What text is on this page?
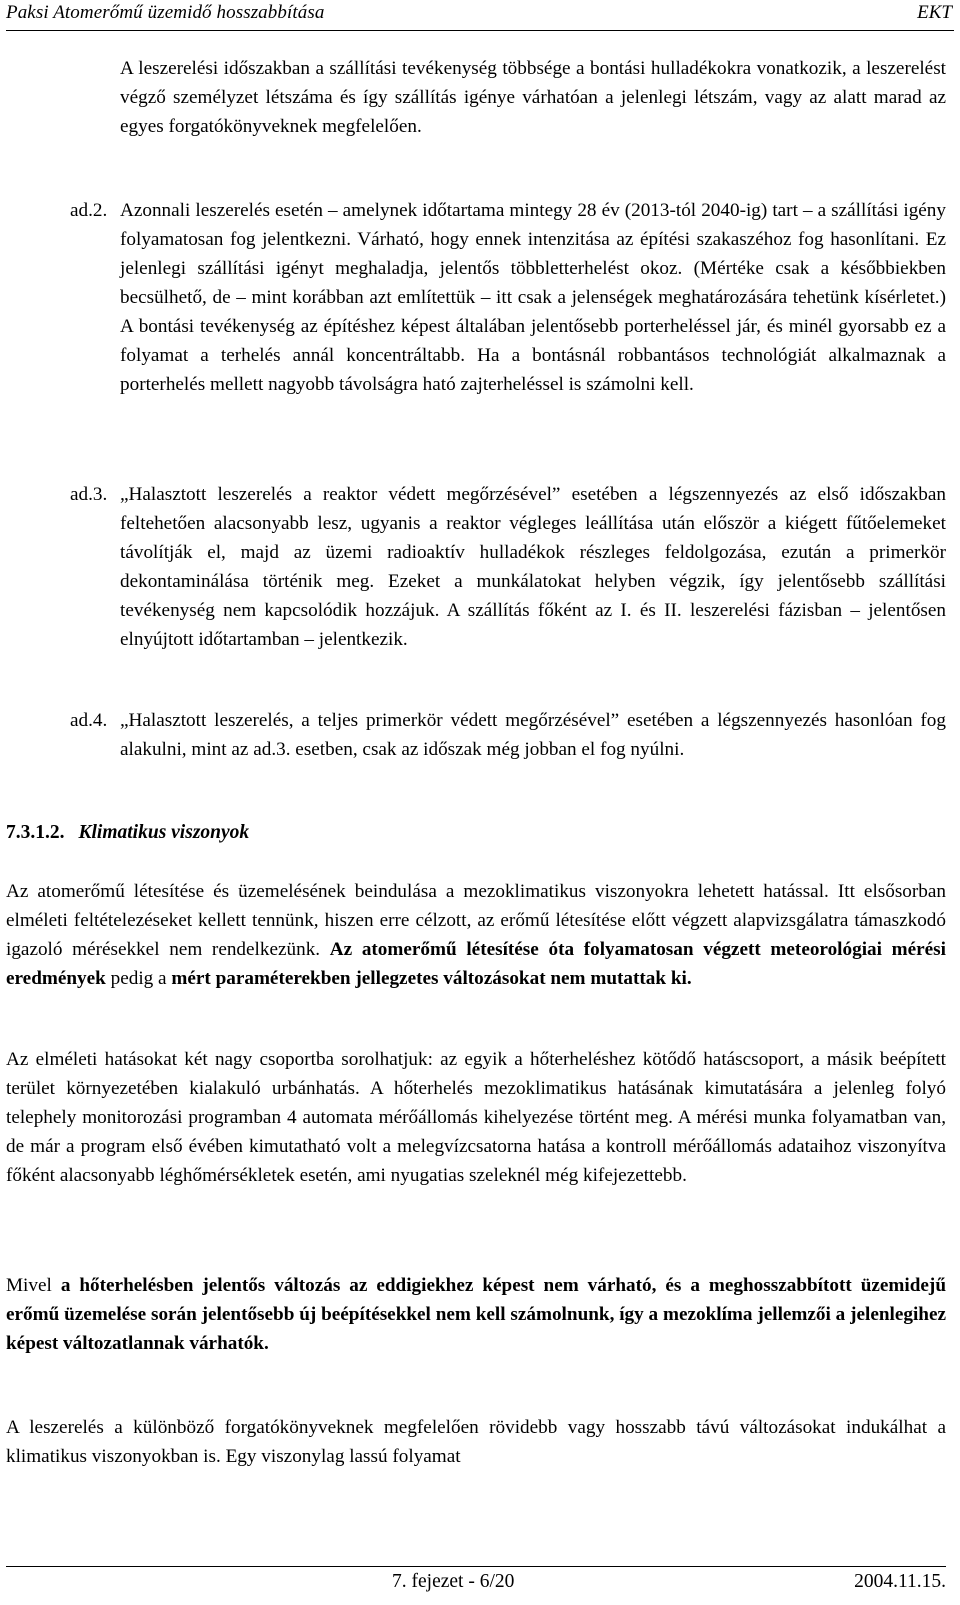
Paksi Atomerőmű üzemidő hosszabbítása	EKT

A leszerelési időszakban a szállítási tevékenység többsége a bontási hulladékokra vonatkozik, a leszerelést végző személyzet létszáma és így szállítás igénye várhatóan a jelenlegi létszám, vagy az alatt marad az egyes forgatókönyveknek megfelelően.

ad.2. Azonnali leszerelés esetén – amelynek időtartama mintegy 28 év (2013-tól 2040-ig) tart – a szállítási igény folyamatosan fog jelentkezni. Várható, hogy ennek intenzitása az építési szakaszéhoz fog hasonlítani. Ez jelenlegi szállítási igényt meghaladja, jelentős többletterhelést okoz. (Mértéke csak a későbbiekben becsülhető, de – mint korábban azt említettük – itt csak a jelenségek meghatározására tehetünk kísérletet.) A bontási tevékenység az építéshez képest általában jelentősebb porterheléssel jár, és minél gyorsabb ez a folyamat a terhelés annál koncentráltabb. Ha a bontásnál robbantásos technológiát alkalmaznak a porterhelés mellett nagyobb távolságra ható zajterheléssel is számolni kell.

ad.3. „Halasztott leszerelés a reaktor védett megőrzésével” esetében a légszennyezés az első időszakban feltehetően alacsonyabb lesz, ugyanis a reaktor végleges leállítása után először a kiégett fűtőelemeket távolítják el, majd az üzemi radioaktív hulladékok részleges feldolgozása, ezután a primerkör dekontaminálása történik meg. Ezeket a munkálatokat helyben végzik, így jelentősebb szállítási tevékenység nem kapcsolódik hozzájuk. A szállítás főként az I. és II. leszerelési fázisban – jelentősen elnyújtott időtartamban – jelentkezik.

ad.4. „Halasztott leszerelés, a teljes primerkör védett megőrzésével” esetében a légszennyezés hasonlóan fog alakulni, mint az ad.3. esetben, csak az időszak még jobban el fog nyúlni.

7.3.1.2. Klimatikus viszonyok

Az atomerőmű létesítése és üzemelésének beindulása a mezoklimatikus viszonyokra lehetett hatással. Itt elsősorban elméleti feltételezéseket kellett tennünk, hiszen erre célzott, az erőmű létesítése előtt végzett alapvizsgálatra támaszkodó igazoló mérésekkel nem rendelkezünk. Az atomerőmű létesítése óta folyamatosan végzett meteorológiai mérési eredmények pedig a mért paraméterekben jellegzetes változásokat nem mutattak ki.

Az elméleti hatásokat két nagy csoportba sorolhatjuk: az egyik a hőterheléshez kötődő hatáscsoport, a másik beépített terület környezetében kialakuló urbánhatás. A hőterhelés mezoklimatikus hatásának kimutatására a jelenleg folyó telephely monitorozási programban 4 automata mérőállomás kihelyezése történt meg. A mérési munka folyamatban van, de már a program első évében kimutatható volt a melegvízcsatorna hatása a kontroll mérőállomás adataihoz viszonyítva főként alacsonyabb léghőmérsékletek esetén, ami nyugatias szeleknél még kifejezettebb.

Mivel a hőterhelésben jelentős változás az eddigiekhez képest nem várható, és a meghosszabbított üzemidejű erőmű üzemelése során jelentősebb új beépítésekkel nem kell számolnunk, így a mezoklíma jellemzői a jelenlegihez képest változatlannak várhatók.

A leszerelés a különböző forgatókönyveknek megfelelően rövidebb vagy hosszabb távú változásokat indukálhat a klimatikus viszonyokban is. Egy viszonylag lassú folyamat

7. fejezet - 6/20	2004.11.15.
